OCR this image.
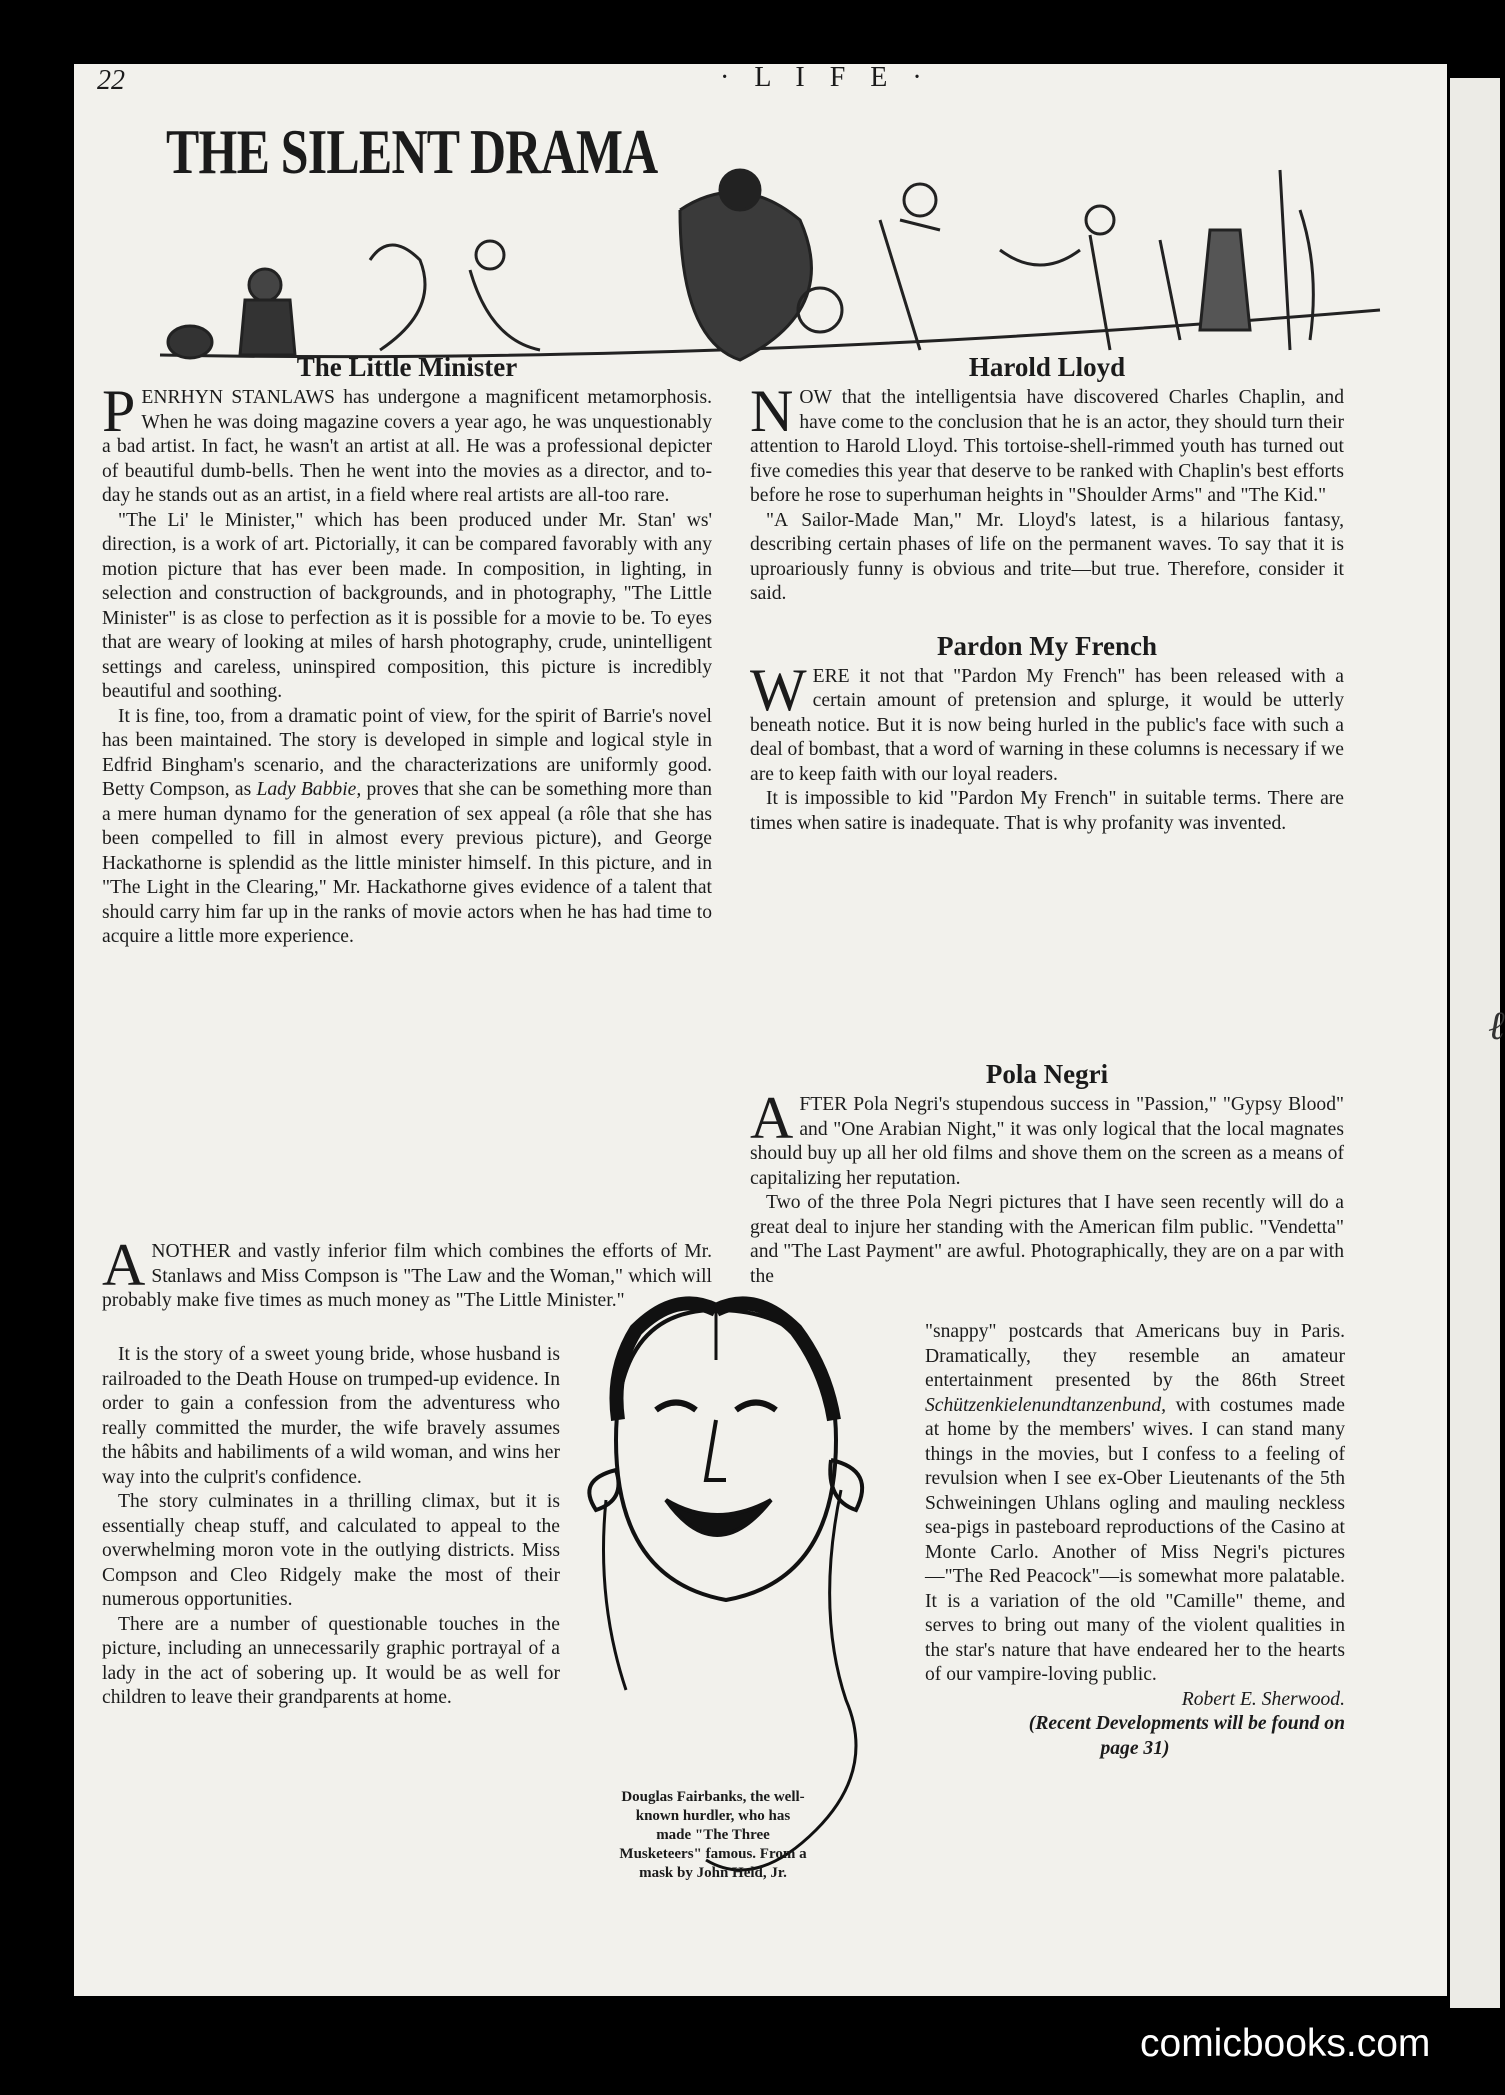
ℓ
22	· L I F E ·
THE SILENT DRAMA
The Little Minister

PENRHYN STANLAWS has undergone a magnificent metamorphosis. When he was doing magazine covers a year ago, he was unquestionably a bad artist. In fact, he wasn't an artist at all. He was a professional depicter of beautiful dumb-bells. Then he went into the movies as a director, and to-day he stands out as an artist, in a field where real artists are all-too rare.

"The Li' le Minister," which has been produced under Mr. Stan' ws' direction, is a work of art. Pictorially, it can be compared favorably with any motion picture that has ever been made. In composition, in lighting, in selection and construction of backgrounds, and in photography, "The Little Minister" is as close to perfection as it is possible for a movie to be. To eyes that are weary of looking at miles of harsh photography, crude, unintelligent settings and careless, uninspired composition, this picture is incredibly beautiful and soothing.

It is fine, too, from a dramatic point of view, for the spirit of Barrie's novel has been maintained. The story is developed in simple and logical style in Edfrid Bingham's scenario, and the characterizations are uniformly good. Betty Compson, as Lady Babbie, proves that she can be something more than a mere human dynamo for the generation of sex appeal (a rôle that she has been compelled to fill in almost every previous picture), and George Hackathorne is splendid as the little minister himself. In this picture, and in "The Light in the Clearing," Mr. Hackathorne gives evidence of a talent that should carry him far up in the ranks of movie actors when he has had time to acquire a little more experience.

ANOTHER and vastly inferior film which combines the efforts of Mr. Stanlaws and Miss Compson is "The Law and the Woman," which will probably make five times as much money as "The Little Minister."

It is the story of a sweet young bride, whose husband is railroaded to the Death House on trumped-up evidence. In order to gain a confession from the adventuress who really committed the murder, the wife bravely assumes the hâbits and habiliments of a wild woman, and wins her way into the culprit's confidence.

The story culminates in a thrilling climax, but it is essentially cheap stuff, and calculated to appeal to the overwhelming moron vote in the outlying districts. Miss Compson and Cleo Ridgely make the most of their numerous opportunities.

There are a number of questionable touches in the picture, including an unnecessarily graphic portrayal of a lady in the act of sobering up. It would be as well for children to leave their grandparents at home.

Harold Lloyd

NOW that the intelligentsia have discovered Charles Chaplin, and have come to the conclusion that he is an actor, they should turn their attention to Harold Lloyd. This tortoise-shell-rimmed youth has turned out five comedies this year that deserve to be ranked with Chaplin's best efforts before he rose to superhuman heights in "Shoulder Arms" and "The Kid."

"A Sailor-Made Man," Mr. Lloyd's latest, is a hilarious fantasy, describing certain phases of life on the permanent waves. To say that it is uproariously funny is obvious and trite—but true. Therefore, consider it said.

Pardon My French

WERE it not that "Pardon My French" has been released with a certain amount of pretension and splurge, it would be utterly beneath notice. But it is now being hurled in the public's face with such a deal of bombast, that a word of warning in these columns is necessary if we are to keep faith with our loyal readers.

It is impossible to kid "Pardon My French" in suitable terms. There are times when satire is inadequate. That is why profanity was invented.

Pola Negri

AFTER Pola Negri's stupendous success in "Passion," "Gypsy Blood" and "One Arabian Night," it was only logical that the local magnates should buy up all her old films and shove them on the screen as a means of capitalizing her reputation.

Two of the three Pola Negri pictures that I have seen recently will do a great deal to injure her standing with the American film public. "Vendetta" and "The Last Payment" are awful. Photographically, they are on a par with the

"snappy" postcards that Americans buy in Paris. Dramatically, they resemble an amateur entertainment presented by the 86th Street Schützenkielenundtanzenbund, with costumes made at home by the members' wives. I can stand many things in the movies, but I confess to a feeling of revulsion when I see ex-Ober Lieutenants of the 5th Schweiningen Uhlans ogling and mauling neckless sea-pigs in pasteboard reproductions of the Casino at Monte Carlo. Another of Miss Negri's pictures—"The Red Peacock"—is somewhat more palatable. It is a variation of the old "Camille" theme, and serves to bring out many of the violent qualities in the star's nature that have endeared her to the hearts of our vampire-loving public.

Robert E. Sherwood.

(Recent Developments will be found on

page 31)

Douglas Fairbanks, the well-known hurdler, who has made "The Three Musketeers" famous. From a mask by John Held, Jr.
comicbooks.com
